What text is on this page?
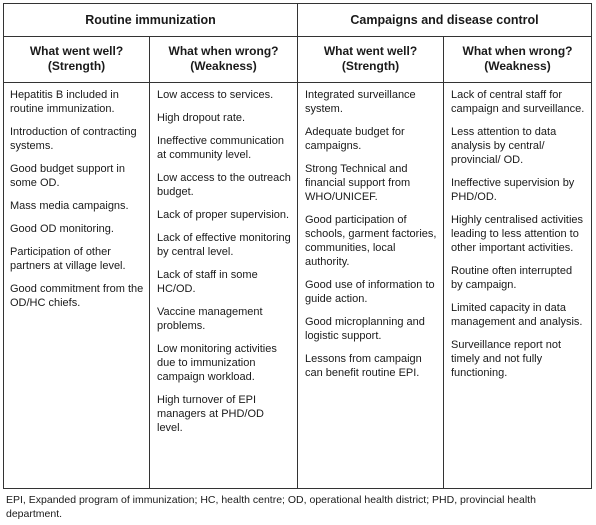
Routine immunization	Campaigns and disease control
What went well?
(Strength)
What when wrong?
(Weakness)
What went well?
(Strength)
What when wrong?
(Weakness)

Hepatitis B included in routine immunization.

Introduction of contracting systems.

Good budget support in some OD.

Mass media campaigns.

Good OD monitoring.

Participation of other partners at village level.

Good commitment from the OD/HC chiefs.

Low access to services.

High dropout rate.

Ineffective communication at community level.

Low access to the outreach budget.

Lack of proper supervision.

Lack of effective monitoring by central level.

Lack of staff in some HC/OD.

Vaccine management problems.

Low monitoring activities due to immunization campaign workload.

High turnover of EPI managers at PHD/OD level.

Integrated surveillance system.

Adequate budget for campaigns.

Strong Technical and financial support from WHO/UNICEF.

Good participation of schools, garment factories, communities, local authority.

Good use of information to guide action.

Good microplanning and logistic support.

Lessons from campaign can benefit routine EPI.

Lack of central staff for campaign and surveillance.

Less attention to data analysis by central/ provincial/ OD.

Ineffective supervision by PHD/OD.

Highly centralised activities leading to less attention to other important activities.

Routine often interrupted by campaign.

Limited capacity in data management and analysis.

Surveillance report not timely and not fully functioning.

EPI, Expanded program of immunization; HC, health centre; OD, operational health district; PHD, provincial health department.
